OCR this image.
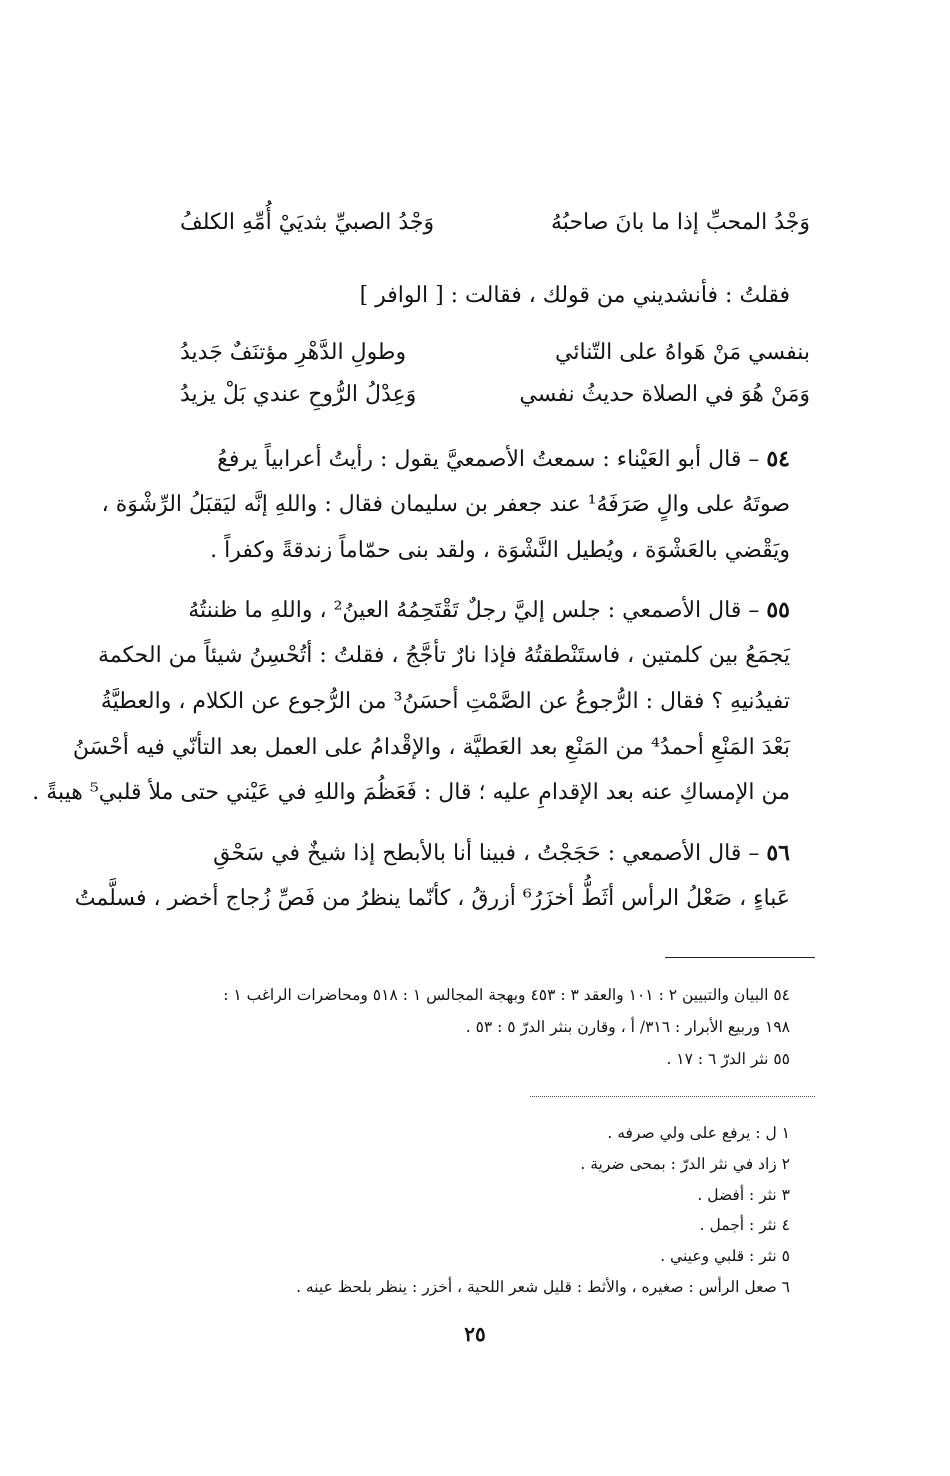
وَجْدُ المحبِّ إذا ما بانَ صاحبُهُ
وَجْدُ الصبيِّ بثديَيْ أُمِّهِ الكلفُ
فقلتُ : فأنشديني من قولك ، فقالت : [ الوافر ]
بنفسي مَنْ هَواهُ على التّنائي
وطولِ الدَّهْرِ مؤتنَفٌ جَديدُ
وَمَنْ هُوَ في الصلاة حديثُ نفسي
وَعِدْلُ الرُّوحِ عندي بَلْ يزيدُ
٥٤ – قال أبو العَيْناء : سمعتُ الأصمعيَّ يقول : رأيتُ أعرابياً يرفعُ
صوتَهُ على والٍ صَرَفَهُ¹ عند جعفر بن سليمان فقال : واللهِ إنَّه ليَقبَلُ الرِّشْوَة ،
ويَقْضي بالعَشْوَة ، ويُطيل النَّشْوَة ، ولقد بنى حمّاماً زندقةً وكفراً .
٥٥ – قال الأصمعي : جلس إليَّ رجلٌ تَقْتَحِمُهُ العينُ² ، واللهِ ما ظننتُهُ
يَجمَعُ بين كلمتين ، فاستَنْطقتُهُ فإذا نارٌ تأجَّجُ ، فقلتُ : أتُحْسِنُ شيئاً من الحكمة
تفيدُنيهِ ؟ فقال : الرُّجوعُ عن الصَّمْتِ أحسَنُ³ من الرُّجوع عن الكلام ، والعطيَّةُ
بَعْدَ المَنْعِ أحمدُ⁴ من المَنْعِ بعد العَطيَّة ، والإقْدامُ على العمل بعد التأنّي فيه أحْسَنُ
من الإمساكِ عنه بعد الإقدامِ عليه ؛ قال : فَعَظُمَ واللهِ في عَيْني حتى ملأ قلبي⁵ هيبةً .
٥٦ – قال الأصمعي : حَجَجْتُ ، فبينا أنا بالأبطح إذا شيخٌ في سَحْقِ
عَباءٍ ، صَعْلُ الرأس أثَطُّ أخزَرُ⁶ أزرقُ ، كأنّما ينظرُ من فَصِّ زُجاج أخضر ، فسلَّمتُ
٥٤ البيان والتبيين ٢ : ١٠١ والعقد ٣ : ٤٥٣ وبهجة المجالس ١ : ٥١٨ ومحاضرات الراغب ١ :
١٩٨ وربيع الأبرار : ٣١٦/ أ ، وقارن بنثر الدرّ ٥ : ٥٣ .
٥٥ نثر الدرّ ٦ : ١٧ .
١ ل : يرفع على ولي صرفه .
٢ زاد في نثر الدرّ : بمحى ضرية .
٣ نثر : أفضل .
٤ نثر : أجمل .
٥ نثر : قلبي وعيني .
٦ صعل الرأس : صغيره ، والأثط : قليل شعر اللحية ، أخزر : ينظر بلحظ عينه .
٢٥
